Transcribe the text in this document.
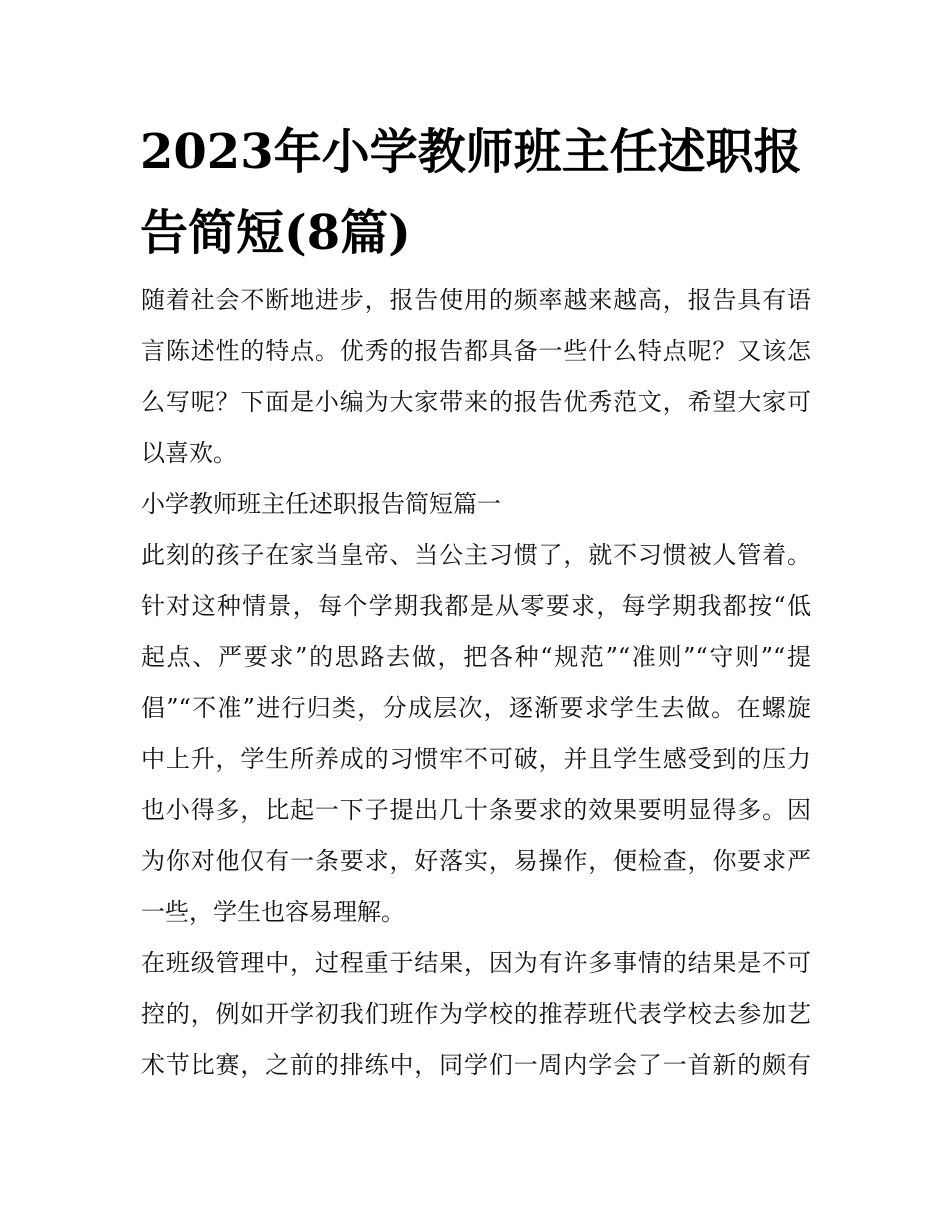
2023年小学教师班主任述职报
告简短(8篇)
随着社会不断地进步，报告使用的频率越来越高，报告具有语
言陈述性的特点。优秀的报告都具备一些什么特点呢？又该怎
么写呢？下面是小编为大家带来的报告优秀范文，希望大家可
以喜欢。
小学教师班主任述职报告简短篇一
此刻的孩子在家当皇帝、当公主习惯了，就不习惯被人管着。
针对这种情景，每个学期我都是从零要求，每学期我都按“低
起点、严要求”的思路去做，把各种“规范”“准则”“守则”“提
倡”“不准”进行归类，分成层次，逐渐要求学生去做。在螺旋
中上升，学生所养成的习惯牢不可破，并且学生感受到的压力
也小得多，比起一下子提出几十条要求的效果要明显得多。因
为你对他仅有一条要求，好落实，易操作，便检查，你要求严
一些，学生也容易理解。
在班级管理中，过程重于结果，因为有许多事情的结果是不可
控的，例如开学初我们班作为学校的推荐班代表学校去参加艺
术节比赛，之前的排练中，同学们一周内学会了一首新的颇有
